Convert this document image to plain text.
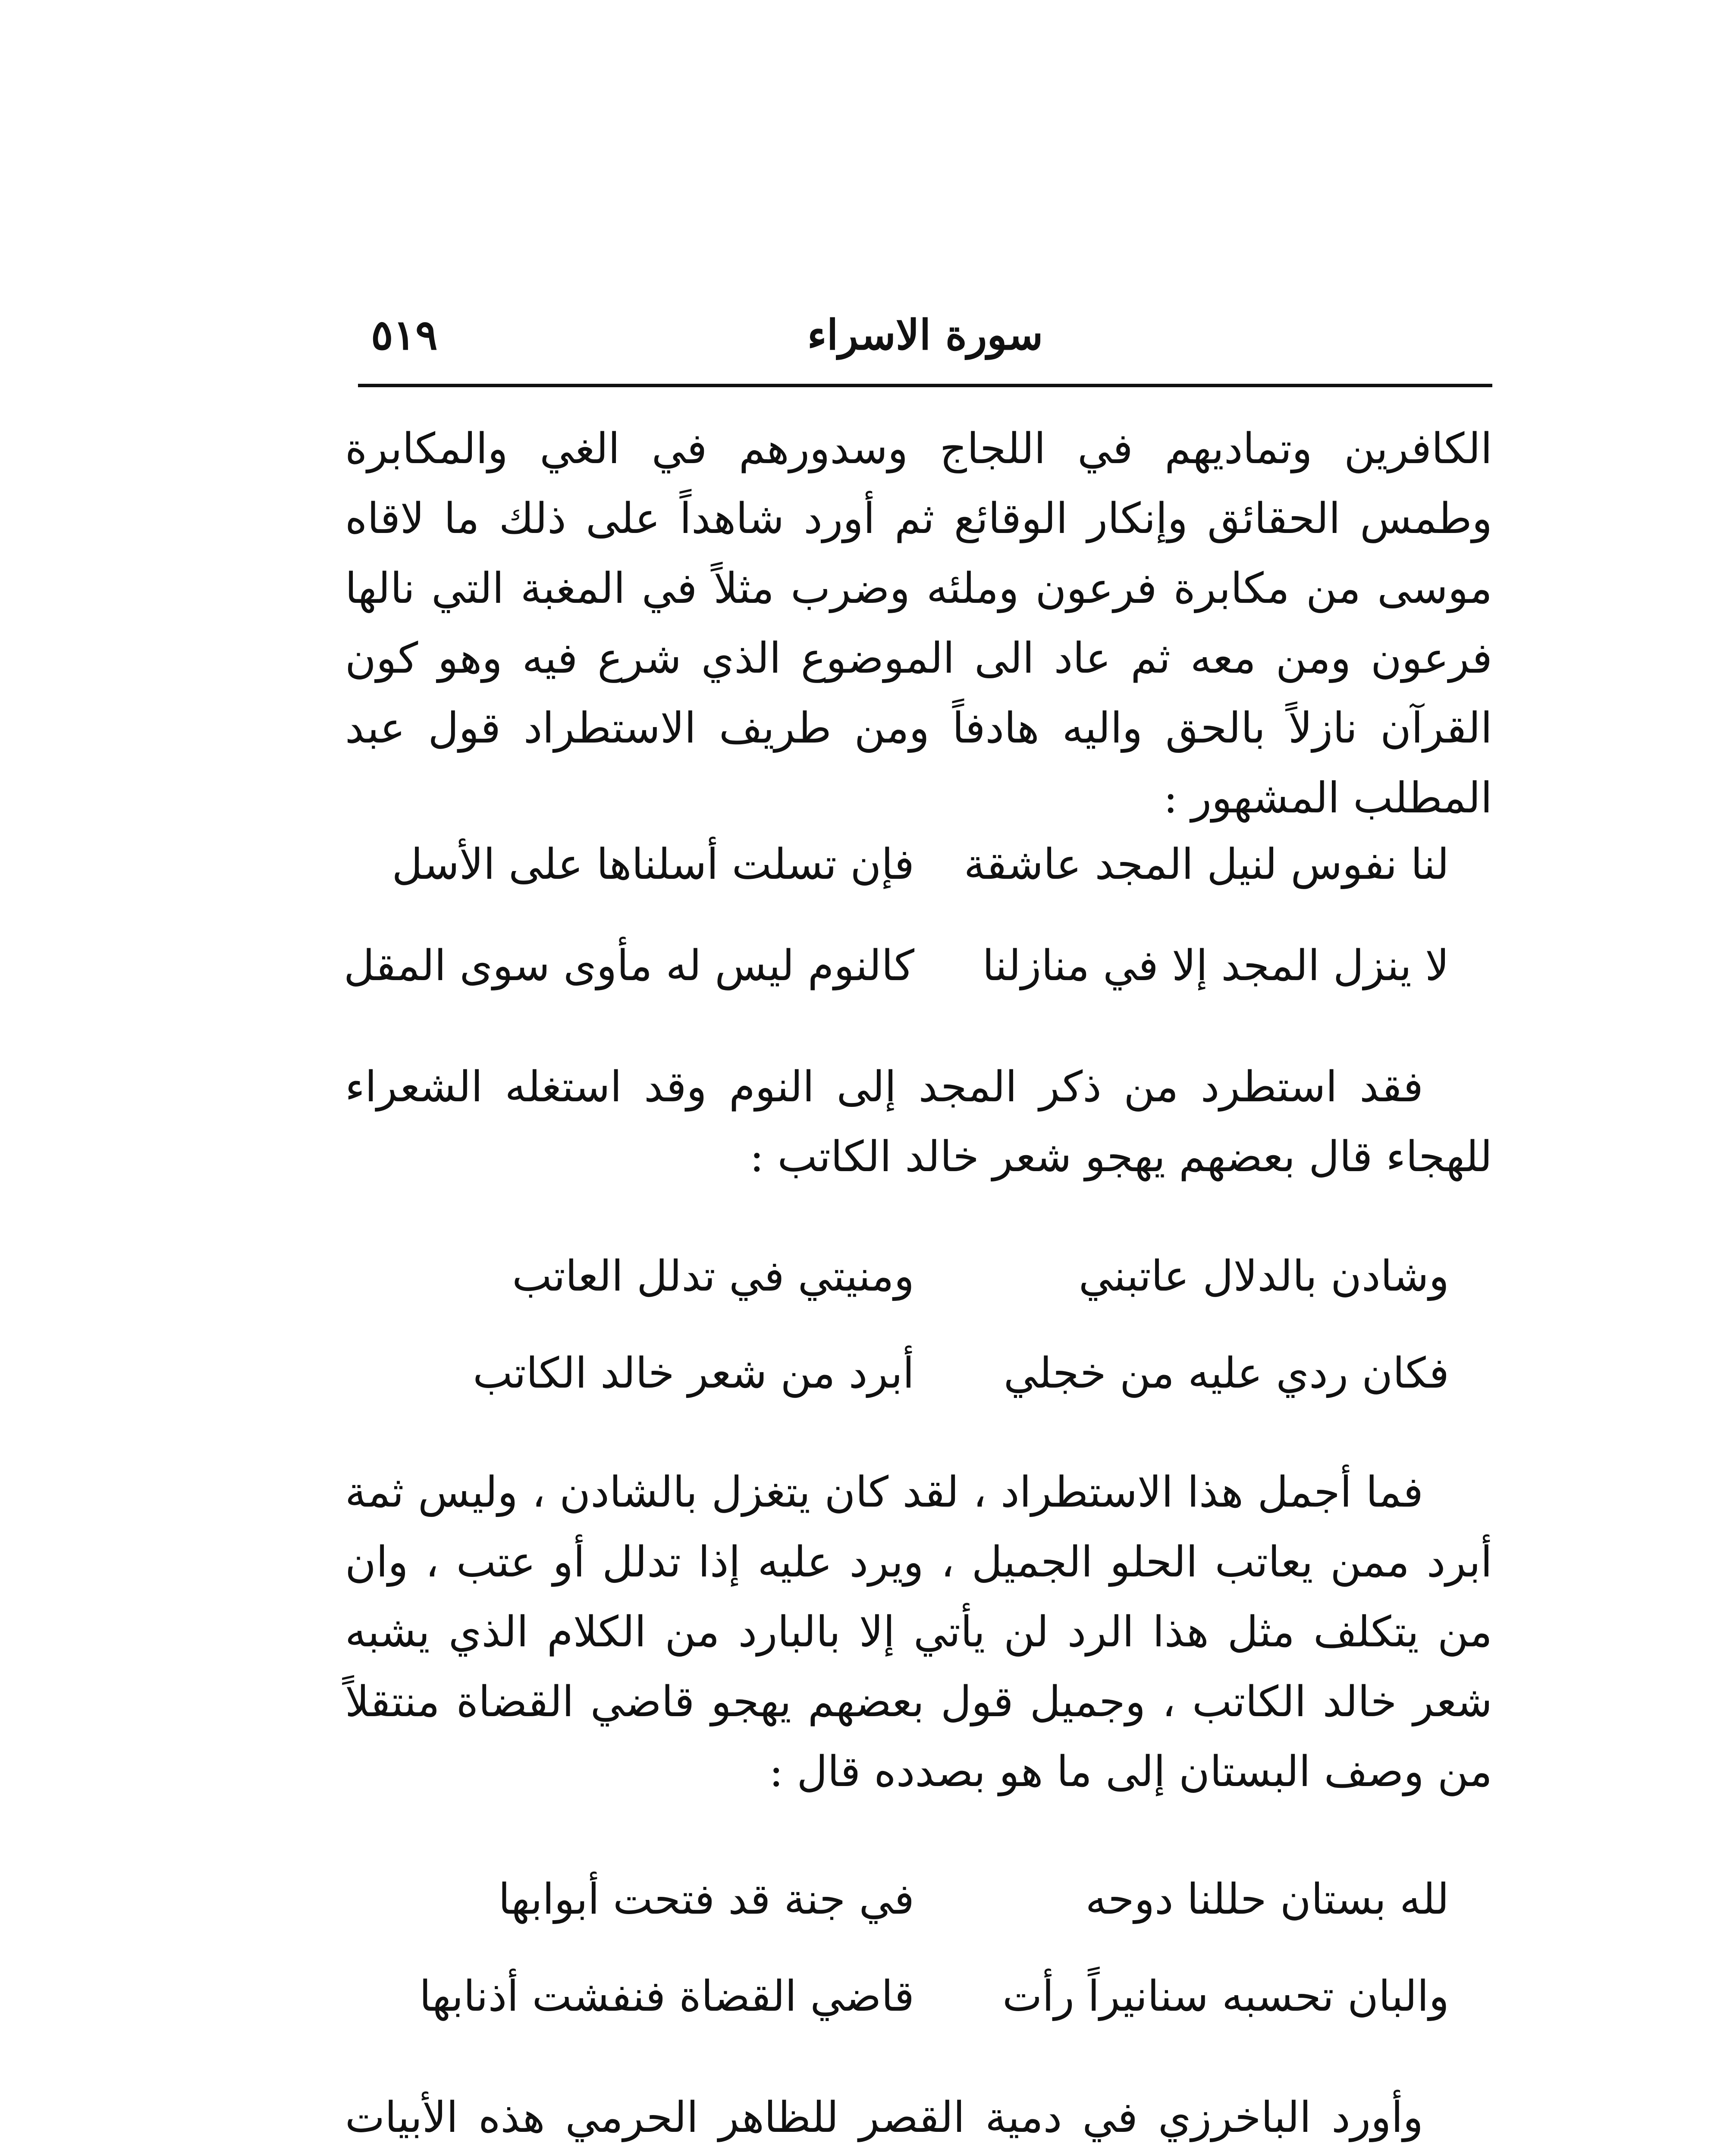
سورة الاسراء
٥١٩

الكافرين وتماديهم في اللجاج وسدورهم في الغي والمكابرة وطمس الحقائق وإنكار الوقائع ثم أورد شاهداً على ذلك ما لاقاه موسى من مكابرة فرعون وملئه وضرب مثلاً في المغبة التي نالها فرعون ومن معه ثم عاد الى الموضوع الذي شرع فيه وهو كون القرآن نازلاً بالحق واليه هادفاً ومن طريف الاستطراد قول عبد المطلب المشهور :

لنا نفوس لنيل المجد عاشقة
فإن تسلت أسلناها على الأسل
لا ينزل المجد إلا في منازلنا
كالنوم ليس له مأوى سوى المقل

فقد استطرد من ذكر المجد إلى النوم وقد استغله الشعراء للهجاء قال بعضهم يهجو شعر خالد الكاتب :

وشادن بالدلال عاتبني
ومنيتي في تدلل العاتب
فكان ردي عليه من خجلي
أبرد من شعر خالد الكاتب

فما أجمل هذا الاستطراد ، لقد كان يتغزل بالشادن ، وليس ثمة أبرد ممن يعاتب الحلو الجميل ، ويرد عليه إذا تدلل أو عتب ، وان من يتكلف مثل هذا الرد لن يأتي إلا بالبارد من الكلام الذي يشبه شعر خالد الكاتب ، وجميل قول بعضهم يهجو قاضي القضاة منتقلاً من وصف البستان إلى ما هو بصدده قال :

لله بستان حللنا دوحه
في جنة قد فتحت أبوابها
والبان تحسبه سنانيراً رأت
قاضي القضاة فنفشت أذنابها

وأورد الباخرزي في دمية القصر للظاهر الحرمي هذه الأبيات
